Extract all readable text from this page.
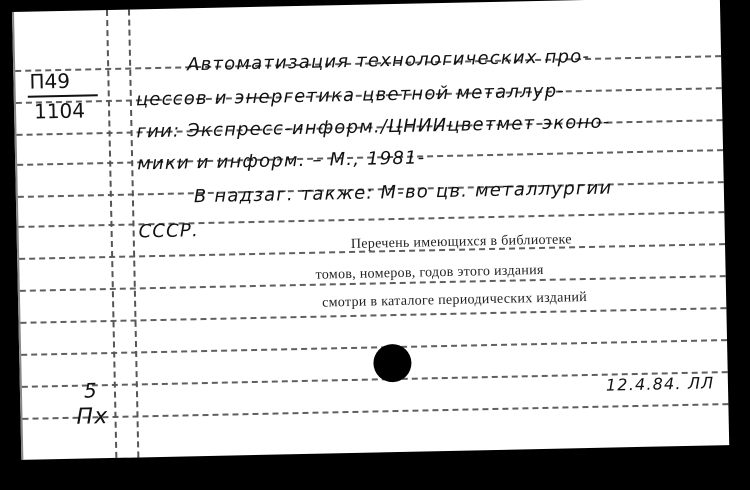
П49
1104
Автоматизация технологических про-
цессов и энергетика цветной металлур-
гии: Экспресс-информ./ЦНИИцветмет эконо-
мики и информ. – М., 1981-
В надзаг. также: М-во цв. металлургии
СССР.	Перечень имеющихся в библиотеке
томов, номеров, годов этого издания
смотри в каталоге периодических изданий
5
Пх
12.4.84. ЛЛ
